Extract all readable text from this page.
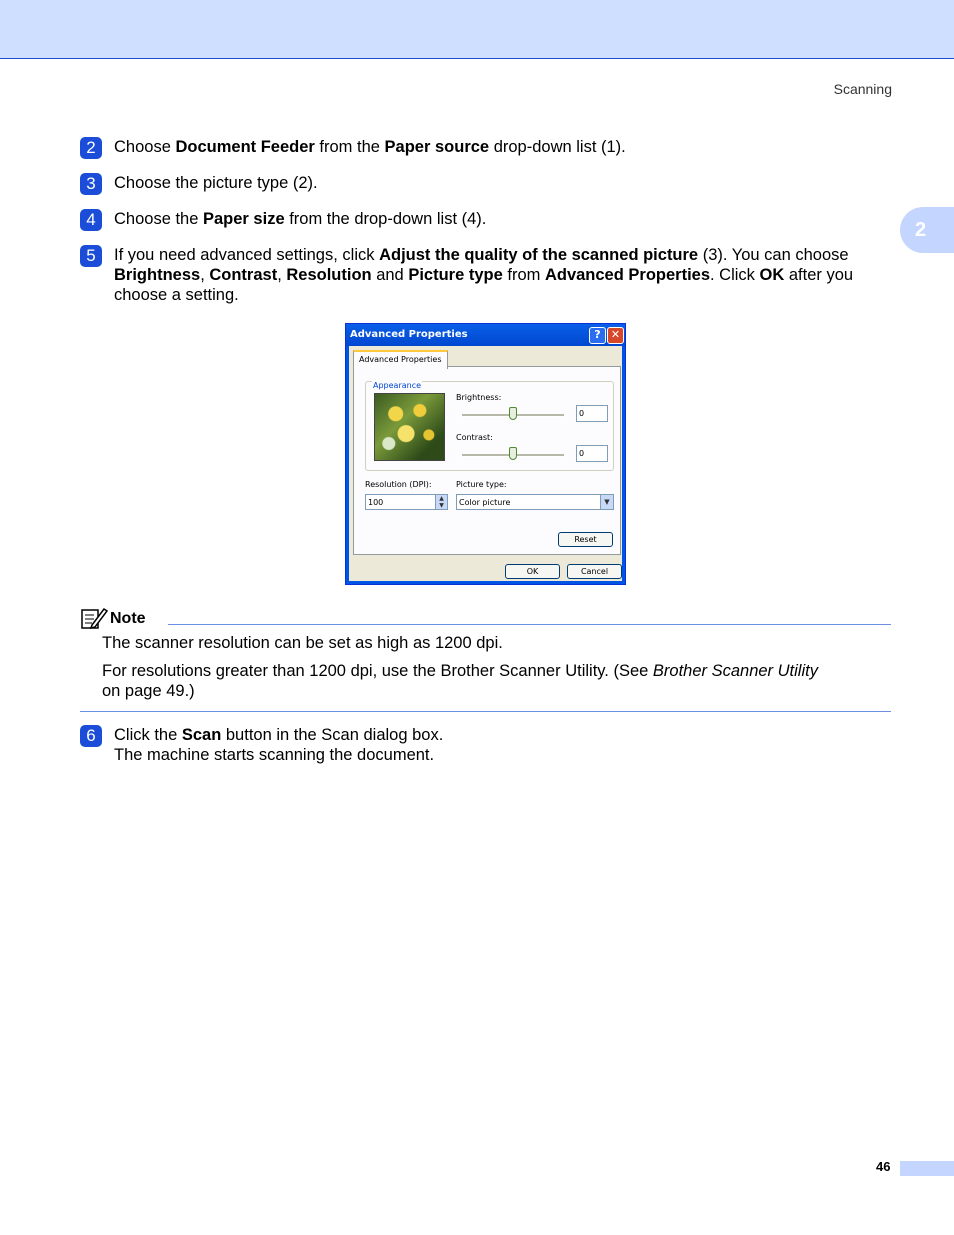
Scanning
2
2	Choose Document Feeder from the Paper source drop-down list (1).
3	Choose the picture type (2).
4	Choose the Paper size from the drop-down list (4).
5	If you need advanced settings, click Adjust the quality of the scanned picture (3). You can choose Brightness, Contrast, Resolution and Picture type from Advanced Properties. Click OK after you choose a setting.
Advanced Properties	? ✕
Advanced Properties
Appearance
Brightness:
0
Contrast:
0
Resolution (DPI):
100	▲
▼
Picture type:
Color picture	▼
Reset
OK	Cancel
Note
The scanner resolution can be set as high as 1200 dpi.
For resolutions greater than 1200 dpi, use the Brother Scanner Utility. (See Brother Scanner Utility on page 49.)
6	Click the Scan button in the Scan dialog box.
The machine starts scanning the document.
46
